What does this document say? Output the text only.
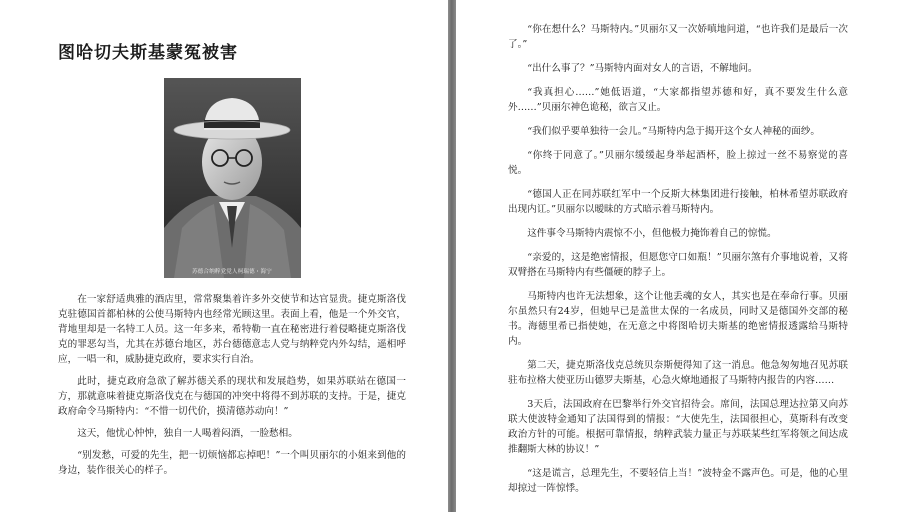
图哈切夫斯基蒙冤被害
苏德合纳粹党党人柯瑞德・海宁

在一家舒适典雅的酒店里，常常聚集着许多外交使节和达官显贵。捷克斯洛伐克驻德国首都柏林的公使马斯特内也经常光顾这里。表面上看，他是一个外交官，背地里却是一名特工人员。这一年多来，希特勒一直在秘密进行着侵略捷克斯洛伐克的罪恶勾当，尤其在苏德台地区，苏台德德意志人党与纳粹党内外勾结，遥相呼应，一唱一和，威胁捷克政府，要求实行自治。

此时，捷克政府急欲了解苏德关系的现状和发展趋势，如果苏联站在德国一方，那就意味着捷克斯洛伐克在与德国的冲突中将得不到苏联的支持。于是，捷克政府命令马斯特内：“不惜一切代价，摸清德苏动向！”

这天，他忧心忡忡，独自一人喝着闷酒，一脸愁相。

“别发愁，可爱的先生，把一切烦恼都忘掉吧！”一个叫贝丽尔的小姐来到他的身边，装作很关心的样子。

“你在想什么？马斯特内。”贝丽尔又一次娇嗔地问道，“也许我们是最后一次了。”

“出什么事了？”马斯特内面对女人的言语，不解地问。

“我真担心……”她低语道，“大家都指望苏德和好，真不要发生什么意外……”贝丽尔神色诡秘，欲言又止。

“我们似乎要单独待一会儿。”马斯特内急于揭开这个女人神秘的面纱。

“你终于同意了。”贝丽尔缓缓起身举起酒杯，脸上掠过一丝不易察觉的喜悦。

“德国人正在同苏联红军中一个反斯大林集团进行接触，柏林希望苏联政府出现内讧。”贝丽尔以暧昧的方式暗示着马斯特内。

这件事令马斯特内震惊不小，但他极力掩饰着自己的惊慌。

“亲爱的，这是绝密情报，但愿您守口如瓶！”贝丽尔煞有介事地说着，又将双臂搭在马斯特内有些僵硬的脖子上。

马斯特内也许无法想象，这个让他丢魂的女人，其实也是在奉命行事。贝丽尔虽然只有24岁，但她早已是盖世太保的一名成员，同时又是德国外交部的秘书。海德里希已指使她，在无意之中将图哈切夫斯基的绝密情报透露给马斯特内。

第二天，捷克斯洛伐克总统贝奈斯便得知了这一消息。他急匆匆地召见苏联驻布拉格大使亚历山德罗夫斯基，心急火燎地通报了马斯特内报告的内容……

3天后，法国政府在巴黎举行外交官招待会。席间，法国总理达拉第又向苏联大使波特金通知了法国得到的情报：“大使先生，法国很担心，莫斯科有改变政治方针的可能。根据可靠情报，纳粹武装力量正与苏联某些红军将领之间达成推翻斯大林的协议！”

“这是谎言，总理先生，不要轻信上当！”波特金不露声色。可是，他的心里却掠过一阵惊悸。
